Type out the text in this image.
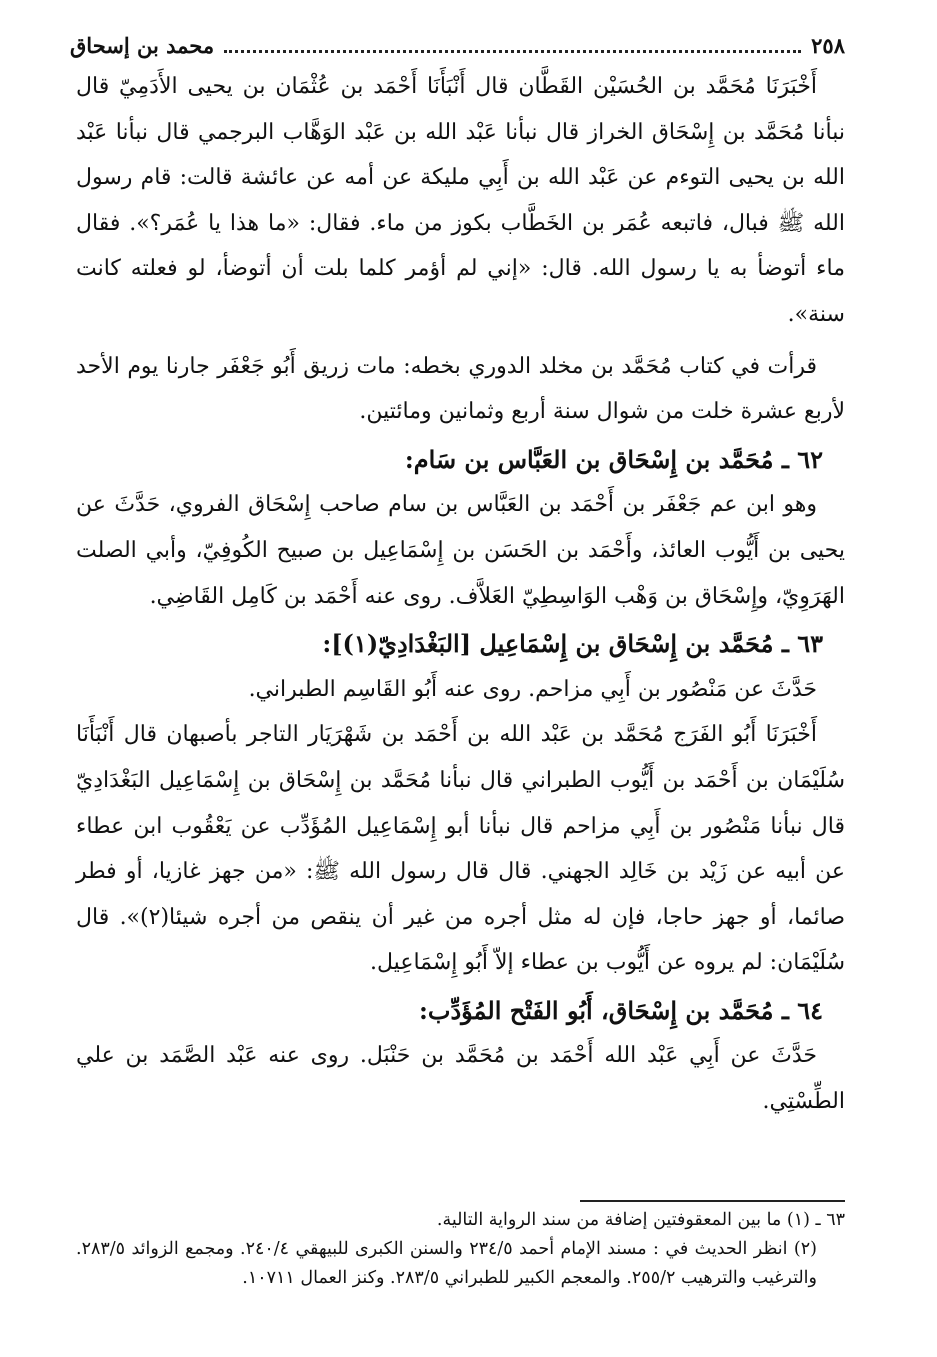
٢٥٨
محمد بن إسحاق

أَخْبَرَنَا مُحَمَّد بن الحُسَيْن القَطَّان قال أَنْبَأَنَا أَحْمَد بن عُثْمَان بن يحيى الأَدَمِيّ قال نبأنا مُحَمَّد بن إِسْحَاق الخراز قال نبأنا عَبْد الله بن عَبْد الوَهَّاب البرجمي قال نبأنا عَبْد الله بن يحيى التوءم عن عَبْد الله بن أَبِي مليكة عن أمه عن عائشة قالت: قام رسول الله ﷺ فبال، فاتبعه عُمَر بن الخَطَّاب بكوز من ماء. فقال: «ما هذا يا عُمَر؟». فقال ماء أتوضأ به يا رسول الله. قال: «إني لم أؤمر كلما بلت أن أتوضأ، لو فعلته كانت سنة».

قرأت في كتاب مُحَمَّد بن مخلد الدوري بخطه: مات زريق أَبُو جَعْفَر جارنا يوم الأحد لأربع عشرة خلت من شوال سنة أربع وثمانين ومائتين.

٦٢ ـ مُحَمَّد بن إِسْحَاق بن العَبَّاس بن سَام:

وهو ابن عم جَعْفَر بن أَحْمَد بن العَبَّاس بن سام صاحب إِسْحَاق الفروي، حَدَّثَ عن يحيى بن أَيُّوب العائذ، وأَحْمَد بن الحَسَن بن إِسْمَاعِيل بن صبيح الكُوفِيّ، وأبي الصلت الهَرَوِيّ، وإِسْحَاق بن وَهْب الوَاسِطِيّ العَلاَّف. روى عنه أَحْمَد بن كَامِل القَاضِي.

٦٣ ـ مُحَمَّد بن إِسْحَاق بن إِسْمَاعِيل [البَغْدَادِيّ(١)]:

حَدَّثَ عن مَنْصُور بن أَبِي مزاحم. روى عنه أَبُو القَاسِم الطبراني.

أَخْبَرَنَا أَبُو الفَرَج مُحَمَّد بن عَبْد الله بن أَحْمَد بن شَهْرَيَار التاجر بأصبهان قال أَنْبَأَنَا سُلَيْمَان بن أَحْمَد بن أَيُّوب الطبراني قال نبأنا مُحَمَّد بن إِسْحَاق بن إِسْمَاعِيل البَغْدَادِيّ قال نبأنا مَنْصُور بن أَبِي مزاحم قال نبأنا أبو إِسْمَاعِيل المُؤَدِّب عن يَعْقُوب ابن عطاء عن أبيه عن زَيْد بن خَالِد الجهني. قال قال رسول الله ﷺ: «من جهز غازيا، أو فطر صائما، أو جهز حاجا، فإن له مثل أجره من غير أن ينقص من أجره شيئا(٢)». قال سُلَيْمَان: لم يروه عن أَيُّوب بن عطاء إلاّ أَبُو إِسْمَاعِيل.

٦٤ ـ مُحَمَّد بن إِسْحَاق، أَبُو الفَتْح المُؤَدِّب:

حَدَّثَ عن أَبِي عَبْد الله أَحْمَد بن مُحَمَّد بن حَنْبَل. روى عنه عَبْد الصَّمَد بن علي الطِّسْتِي.

٦٣ ـ (١) ما بين المعقوفتين إضافة من سند الرواية التالية.

(٢) انظر الحديث في : مسند الإمام أحمد ٢٣٤/٥ والسنن الكبرى للبيهقي ٢٤٠/٤. ومجمع الزوائد ٢٨٣/٥. والترغيب والترهيب ٢٥٥/٢. والمعجم الكبير للطبراني ٢٨٣/٥. وكنز العمال ١٠٧١١.
